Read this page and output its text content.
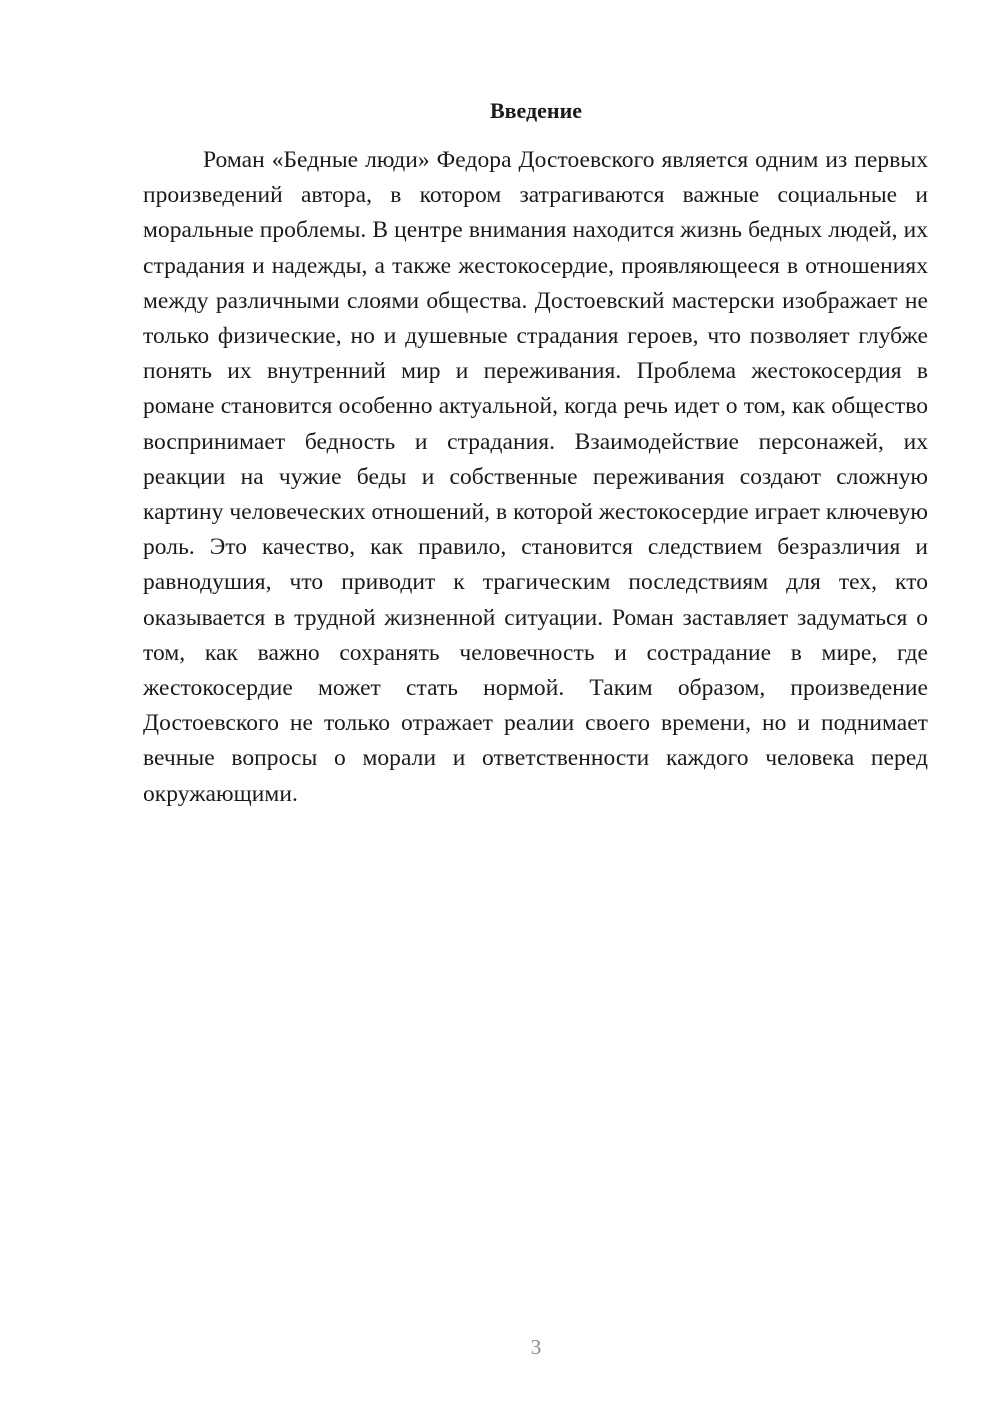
Введение

Роман «Бедные люди» Федора Достоевского является одним из первых произведений автора, в котором затрагиваются важные социальные и моральные проблемы. В центре внимания находится жизнь бедных людей, их страдания и надежды, а также жестокосердие, проявляющееся в отношениях между различными слоями общества. Достоевский мастерски изображает не только физические, но и душевные страдания героев, что позволяет глубже понять их внутренний мир и переживания. Проблема жестокосердия в романе становится особенно актуальной, когда речь идет о том, как общество воспринимает бедность и страдания. Взаимодействие персонажей, их реакции на чужие беды и собственные переживания создают сложную картину человеческих отношений, в которой жестокосердие играет ключевую роль. Это качество, как правило, становится следствием безразличия и равнодушия, что приводит к трагическим последствиям для тех, кто оказывается в трудной жизненной ситуации. Роман заставляет задуматься о том, как важно сохранять человечность и сострадание в мире, где жестокосердие может стать нормой. Таким образом, произведение Достоевского не только отражает реалии своего времени, но и поднимает вечные вопросы о морали и ответственности каждого человека перед окружающими.

3
